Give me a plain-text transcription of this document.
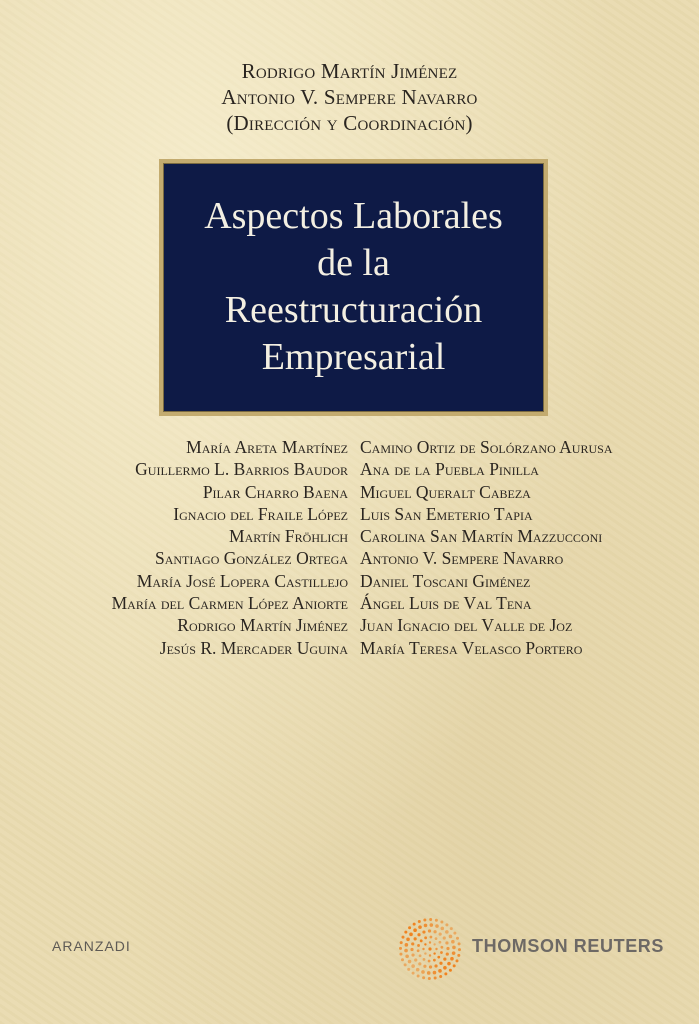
Rodrigo Martín Jiménez
Antonio V. Sempere Navarro
(Dirección y Coordinación)
Aspectos Laborales
de la
Reestructuración
Empresarial
María Areta Martínez
Guillermo L. Barrios Baudor
Pilar Charro Baena
Ignacio del Fraile López
Martín Fröhlich
Santiago González Ortega
María José Lopera Castillejo
María del Carmen López Aniorte
Rodrigo Martín Jiménez
Jesús R. Mercader Uguina
Camino Ortiz de Solórzano Aurusa
Ana de la Puebla Pinilla
Miguel Queralt Cabeza
Luis San Emeterio Tapia
Carolina San Martín Mazzucconi
Antonio V. Sempere Navarro
Daniel Toscani Giménez
Ángel Luis de Val Tena
Juan Ignacio del Valle de Joz
María Teresa Velasco Portero
ARANZADI	THOMSON REUTERS
